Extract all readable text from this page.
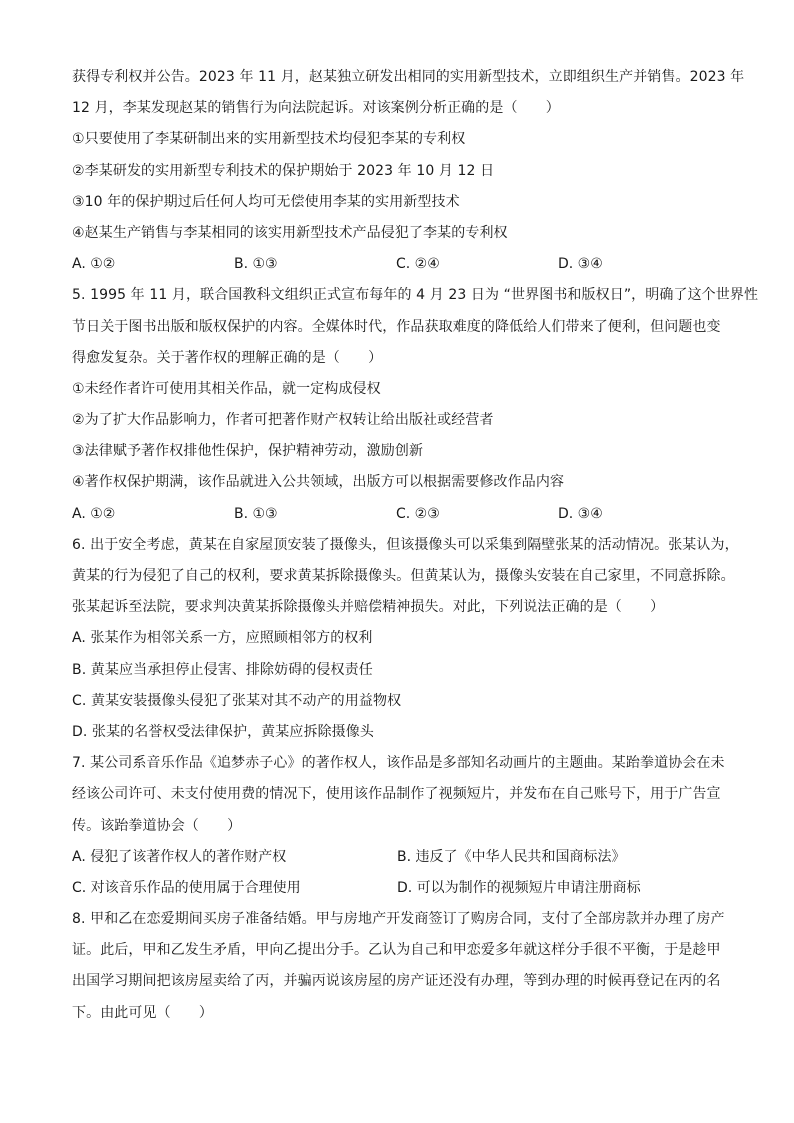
获得专利权并公告。2023 年 11 月，赵某独立研发出相同的实用新型技术，立即组织生产并销售。2023 年
12 月，李某发现赵某的销售行为向法院起诉。对该案例分析正确的是（　　）
①只要使用了李某研制出来的实用新型技术均侵犯李某的专利权
②李某研发的实用新型专利技术的保护期始于 2023 年 10 月 12 日
③10 年的保护期过后任何人均可无偿使用李某的实用新型技术
④赵某生产销售与李某相同的该实用新型技术产品侵犯了李某的专利权
A. ①②	B. ①③	C. ②④	D. ③④
5. 1995 年 11 月，联合国教科文组织正式宣布每年的 4 月 23 日为 “世界图书和版权日”，明确了这个世界性
节日关于图书出版和版权保护的内容。全媒体时代，作品获取难度的降低给人们带来了便利，但问题也变
得愈发复杂。关于著作权的理解正确的是（　　）
①未经作者许可使用其相关作品，就一定构成侵权
②为了扩大作品影响力，作者可把著作财产权转让给出版社或经营者
③法律赋予著作权排他性保护，保护精神劳动，激励创新
④著作权保护期满，该作品就进入公共领域，出版方可以根据需要修改作品内容
A. ①②	B. ①③	C. ②③	D. ③④
6. 出于安全考虑，黄某在自家屋顶安装了摄像头，但该摄像头可以采集到隔壁张某的活动情况。张某认为，
黄某的行为侵犯了自己的权利，要求黄某拆除摄像头。但黄某认为，摄像头安装在自己家里，不同意拆除。
张某起诉至法院，要求判决黄某拆除摄像头并赔偿精神损失。对此，下列说法正确的是（　　）
A. 张某作为相邻关系一方，应照顾相邻方的权利
B. 黄某应当承担停止侵害、排除妨碍的侵权责任
C. 黄某安装摄像头侵犯了张某对其不动产的用益物权
D. 张某的名誉权受法律保护，黄某应拆除摄像头
7. 某公司系音乐作品《追梦赤子心》的著作权人，该作品是多部知名动画片的主题曲。某跆拳道协会在未
经该公司许可、未支付使用费的情况下，使用该作品制作了视频短片，并发布在自己账号下，用于广告宣
传。该跆拳道协会（　　）
A. 侵犯了该著作权人的著作财产权	B. 违反了《中华人民共和国商标法》
C. 对该音乐作品的使用属于合理使用	D. 可以为制作的视频短片申请注册商标
8. 甲和乙在恋爱期间买房子准备结婚。甲与房地产开发商签订了购房合同，支付了全部房款并办理了房产
证。此后，甲和乙发生矛盾，甲向乙提出分手。乙认为自己和甲恋爱多年就这样分手很不平衡，于是趁甲
出国学习期间把该房屋卖给了丙，并骗丙说该房屋的房产证还没有办理，等到办理的时候再登记在丙的名
下。由此可见（　　）
